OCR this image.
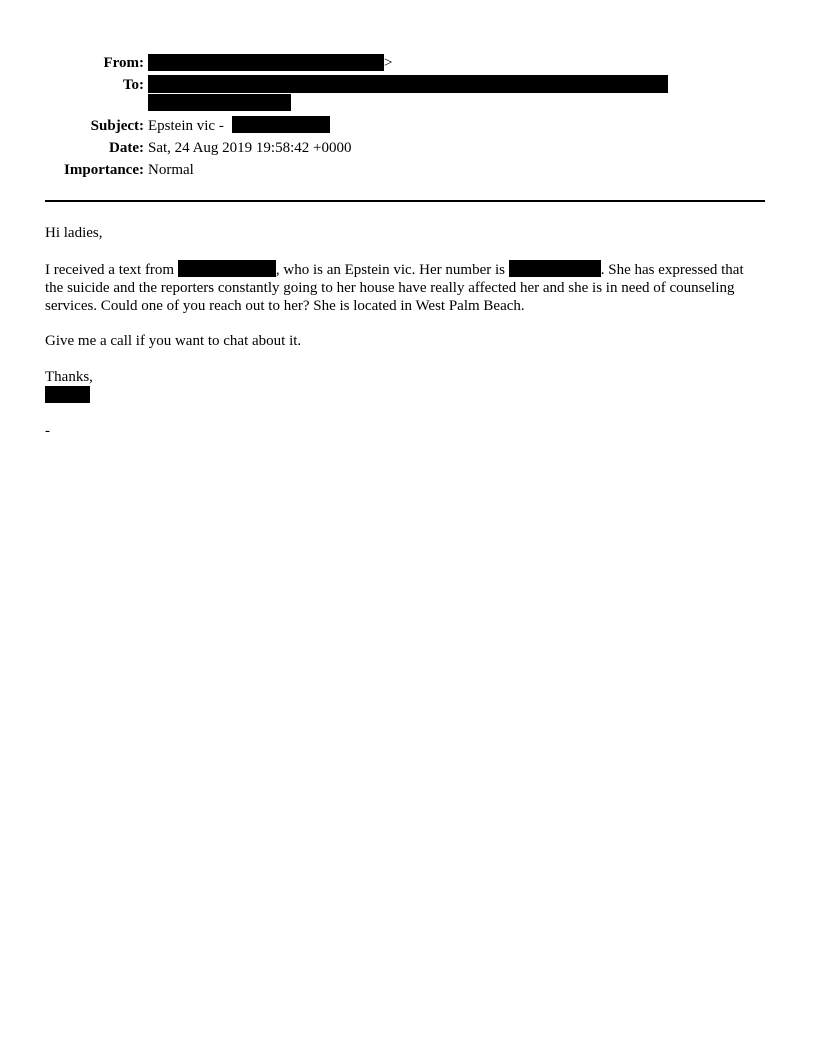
From:	>
To:
Subject: Epstein vic -
Date: Sat, 24 Aug 2019 19:58:42 +0000
Importance: Normal
Hi ladies,
I received a text from	, who is an Epstein vic. Her number is	. She has expressed that the suicide and the reporters constantly going to her house have really affected her and she is in need of counseling services. Could one of you reach out to her? She is located in West Palm Beach.
Give me a call if you want to chat about it.
Thanks,
-
